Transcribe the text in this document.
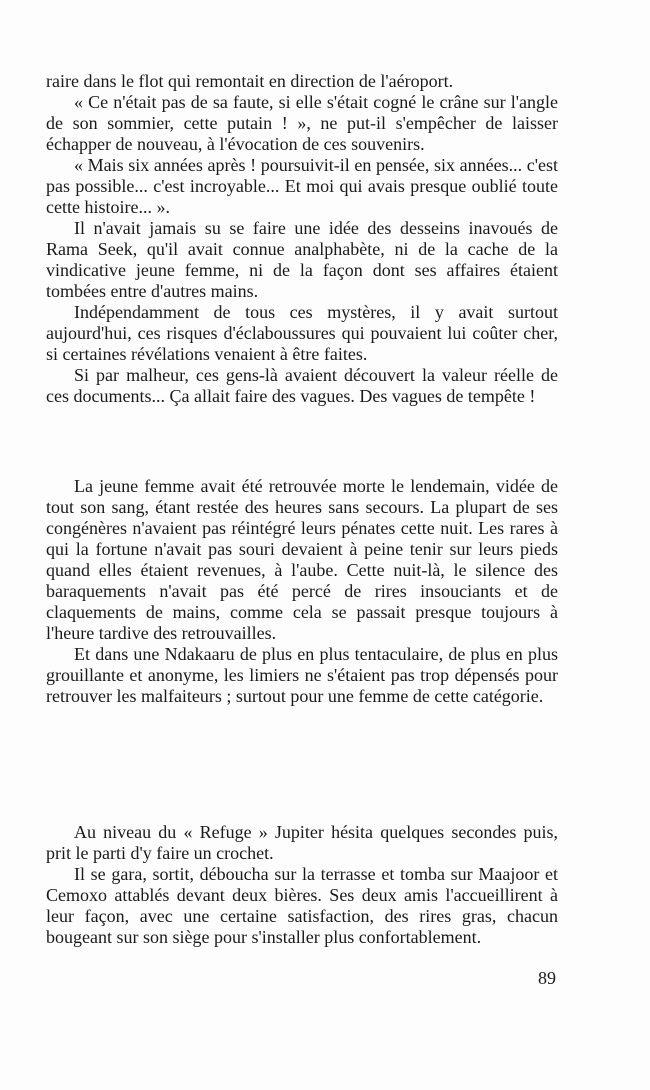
raire dans le flot qui remontait en direction de l'aéroport.

« Ce n'était pas de sa faute, si elle s'était cogné le crâne sur l'angle de son sommier, cette putain ! », ne put-il s'empêcher de laisser échapper de nouveau, à l'évocation de ces souvenirs.

« Mais six années après ! poursuivit-il en pensée, six années... c'est pas possible... c'est incroyable... Et moi qui avais presque oublié toute cette histoire... ».

Il n'avait jamais su se faire une idée des desseins inavoués de Rama Seek, qu'il avait connue analphabète, ni de la cache de la vindicative jeune femme, ni de la façon dont ses affaires étaient tombées entre d'autres mains.

Indépendamment de tous ces mystères, il y avait surtout aujourd'hui, ces risques d'éclaboussures qui pouvaient lui coûter cher, si certaines révélations venaient à être faites.

Si par malheur, ces gens-là avaient découvert la valeur réelle de ces documents... Ça allait faire des vagues. Des vagues de tempête !

La jeune femme avait été retrouvée morte le lendemain, vidée de tout son sang, étant restée des heures sans secours. La plupart de ses congénères n'avaient pas réintégré leurs pénates cette nuit. Les rares à qui la fortune n'avait pas souri devaient à peine tenir sur leurs pieds quand elles étaient revenues, à l'aube. Cette nuit-là, le silence des baraquements n'avait pas été percé de rires insouciants et de claquements de mains, comme cela se passait presque toujours à l'heure tardive des retrouvailles.

Et dans une Ndakaaru de plus en plus tentaculaire, de plus en plus grouillante et anonyme, les limiers ne s'étaient pas trop dépensés pour retrouver les malfaiteurs ; surtout pour une femme de cette catégorie.

Au niveau du « Refuge » Jupiter hésita quelques secondes puis, prit le parti d'y faire un crochet.

Il se gara, sortit, déboucha sur la terrasse et tomba sur Maajoor et Cemoxo attablés devant deux bières. Ses deux amis l'accueillirent à leur façon, avec une certaine satisfaction, des rires gras, chacun bougeant sur son siège pour s'installer plus confortablement.

89
